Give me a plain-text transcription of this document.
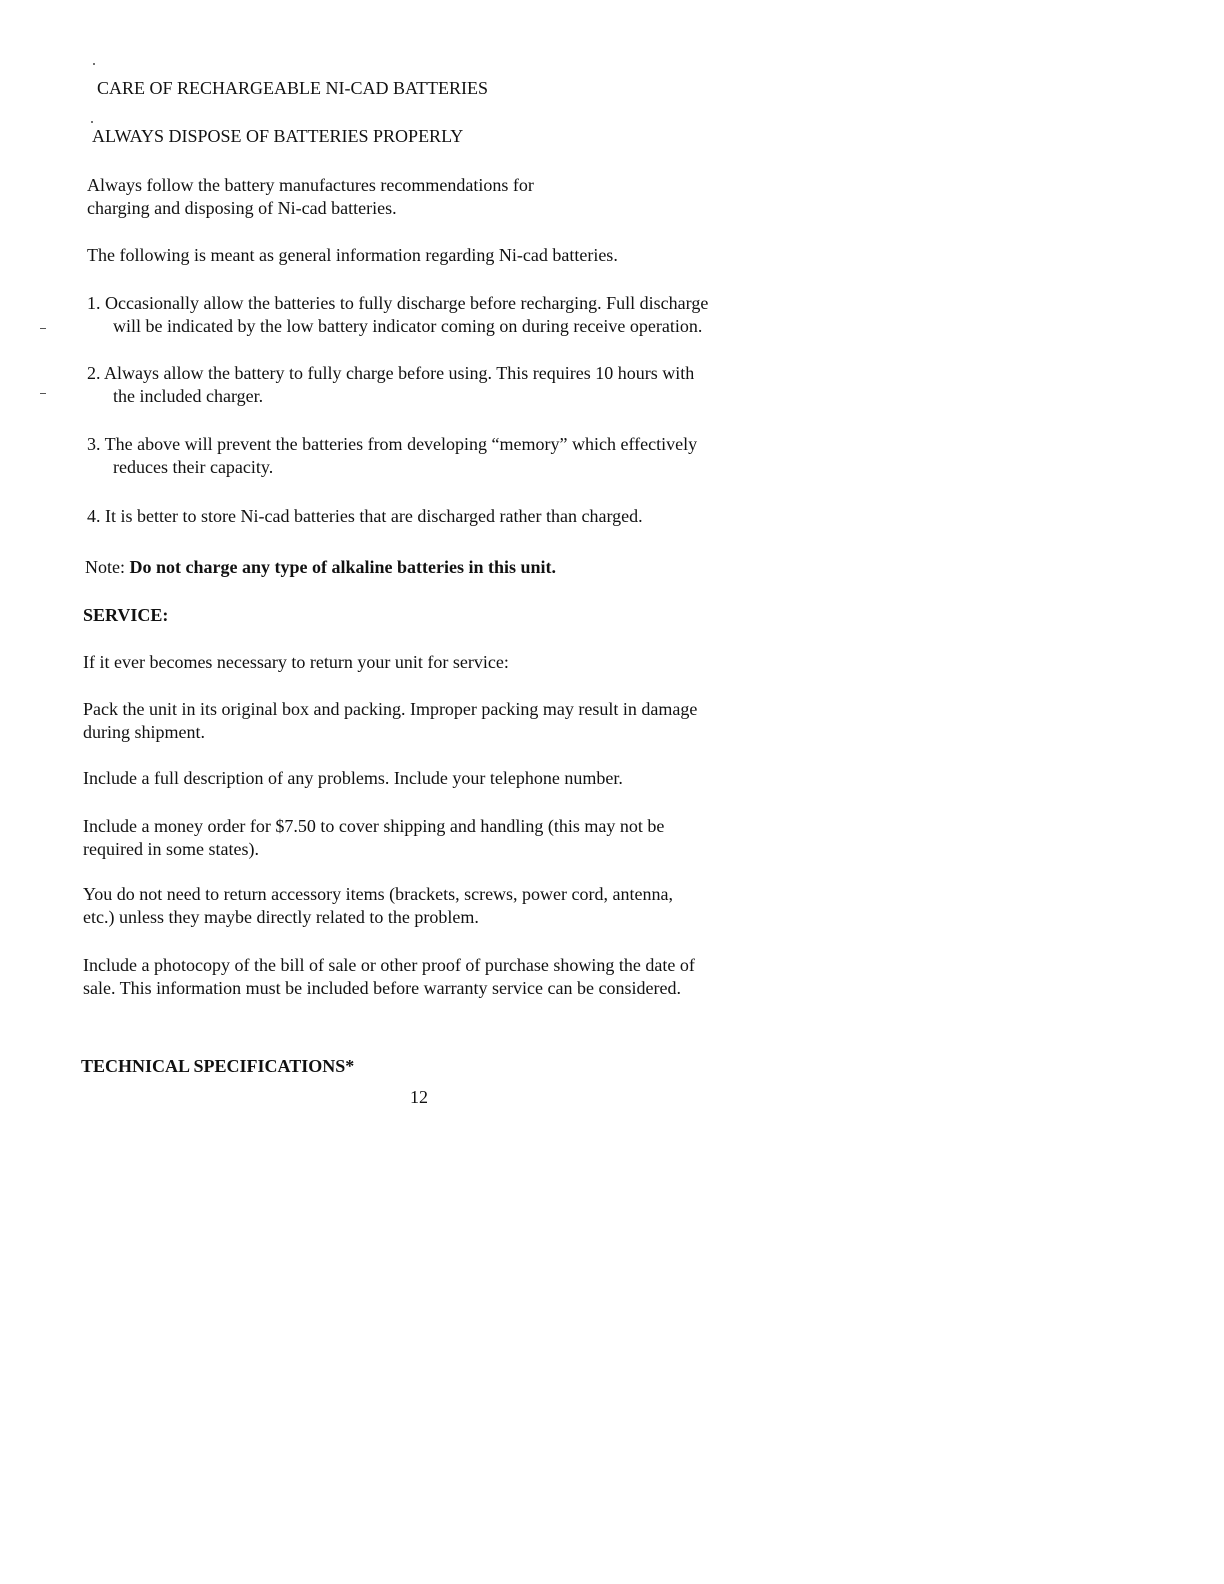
CARE OF RECHARGEABLE NI-CAD BATTERIES
ALWAYS DISPOSE OF BATTERIES PROPERLY
Always follow the battery manufactures recommendations for
charging and disposing of Ni-cad batteries.
The following is meant as general information regarding Ni-cad batteries.
1. Occasionally allow the batteries to fully discharge before recharging. Full discharge
will be indicated by the low battery indicator coming on during receive operation.
2. Always allow the battery to fully charge before using. This requires 10 hours with
the included charger.
3. The above will prevent the batteries from developing “memory” which effectively
reduces their capacity.
4. It is better to store Ni-cad batteries that are discharged rather than charged.
Note: Do not charge any type of alkaline batteries in this unit.
SERVICE:
If it ever becomes necessary to return your unit for service:
Pack the unit in its original box and packing. Improper packing may result in damage
during shipment.
Include a full description of any problems. Include your telephone number.
Include a money order for $7.50 to cover shipping and handling (this may not be
required in some states).
You do not need to return accessory items (brackets, screws, power cord, antenna,
etc.) unless they maybe directly related to the problem.
Include a photocopy of the bill of sale or other proof of purchase showing the date of
sale. This information must be included before warranty service can be considered.
TECHNICAL SPECIFICATIONS*
12
